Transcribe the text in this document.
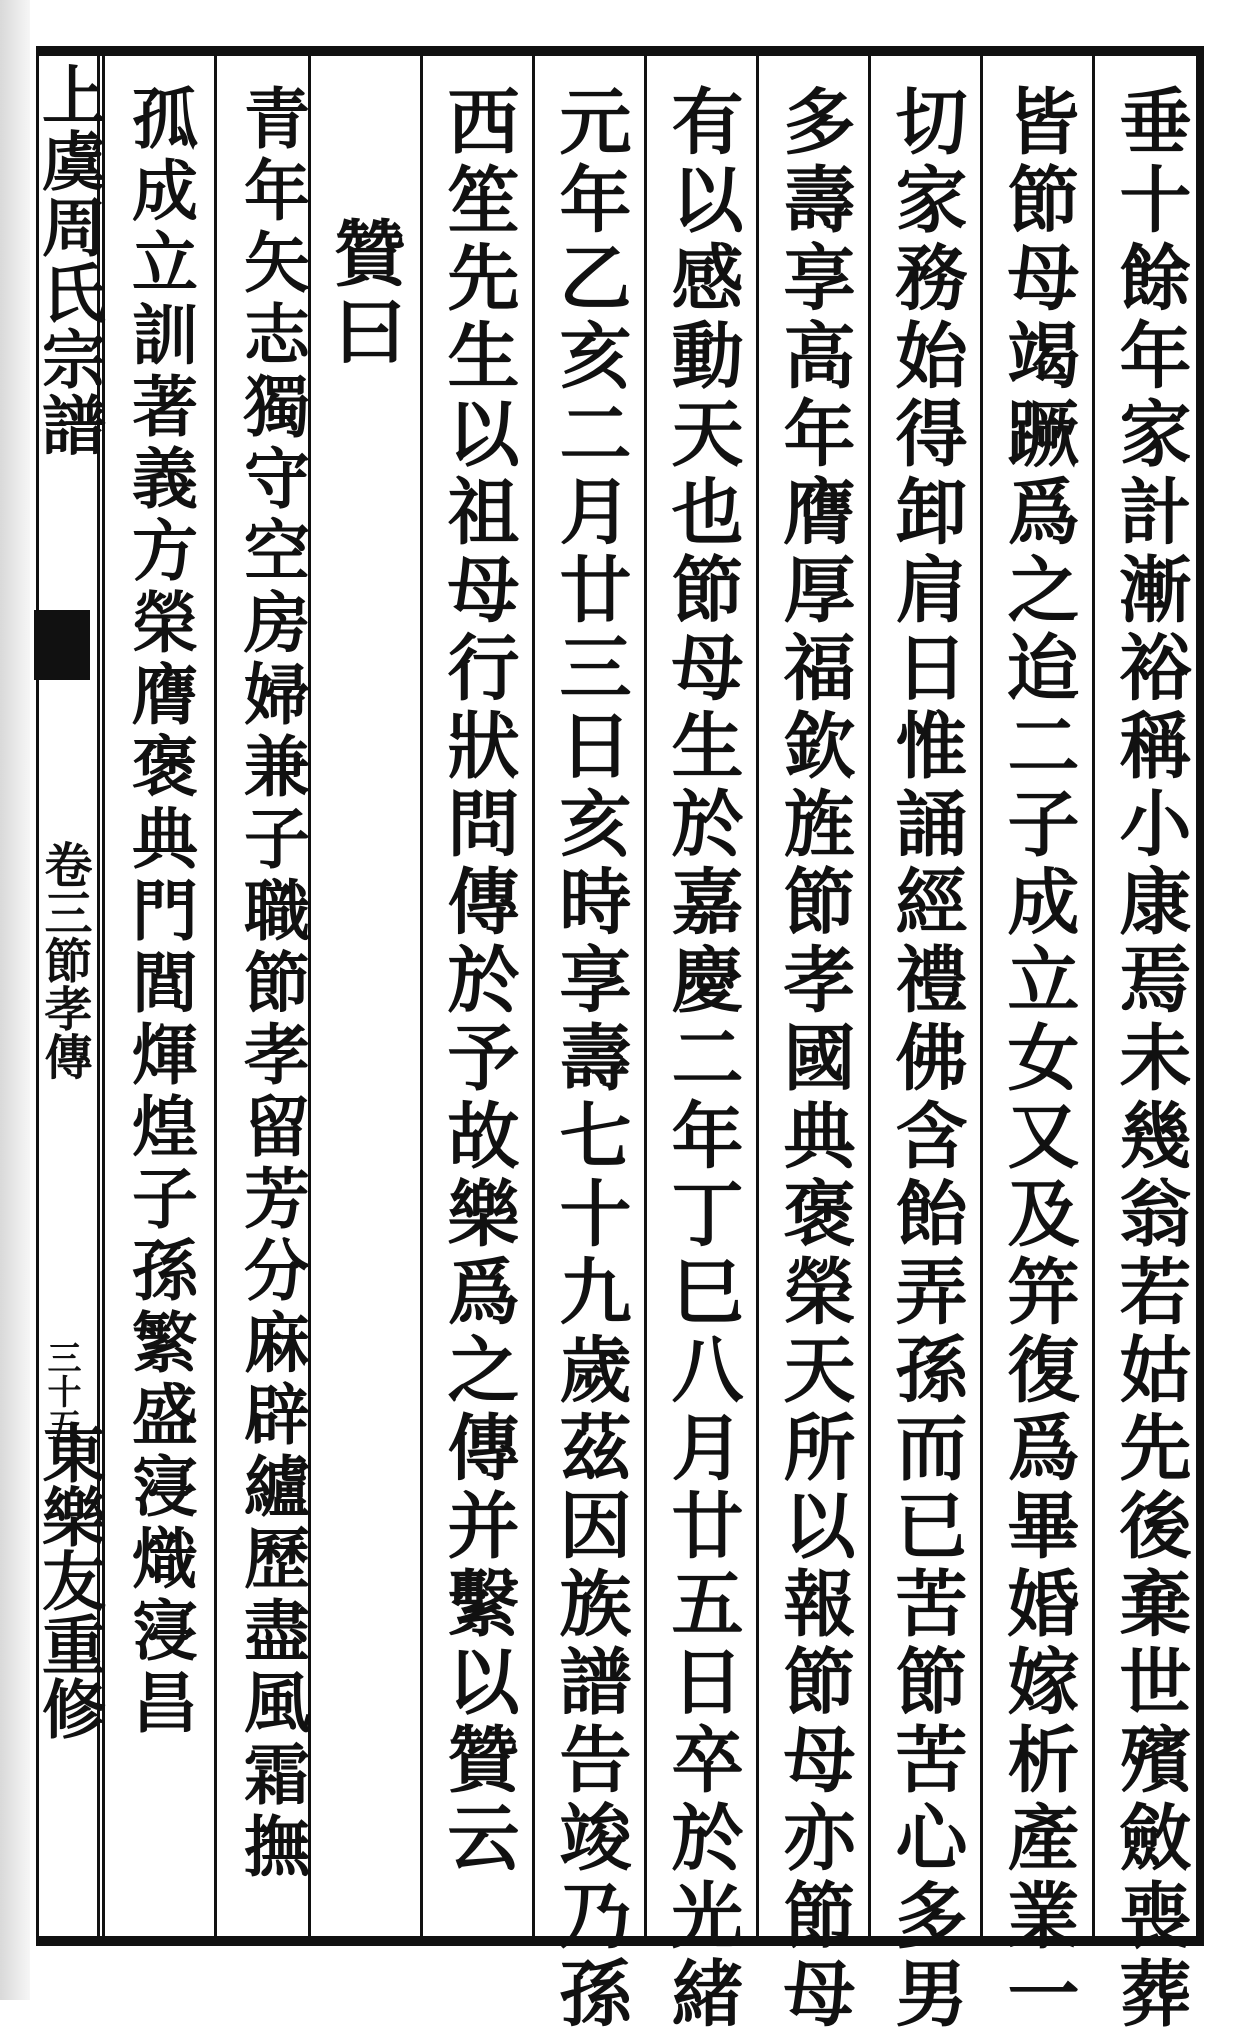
上虞周氏宗譜
卷三節孝傳
三十五
東樂友重修	垂十餘年家計漸裕稱小康焉未幾翁若姑先後棄世殯斂喪葬
皆節母竭蹶爲之迨二子成立女又及笄復爲畢婚嫁析產業一
切家務始得卸肩日惟誦經禮佛含飴弄孫而已苦節苦心多男
多壽享高年膺厚福欽旌節孝國典褒榮天所以報節母亦節母
有以感動天也節母生於嘉慶二年丁巳八月廿五日卒於光緒
元年乙亥二月廿三日亥時享壽七十九歲茲因族譜告竣乃孫
西笙先生以祖母行狀問傳於予故樂爲之傳并繫以贊云
贊曰
青年矢志獨守空房婦兼子職節孝留芳分麻辟纑歷盡風霜撫
孤成立訓著義方榮膺褒典門閭煇煌子孫繁盛寖熾寖昌
